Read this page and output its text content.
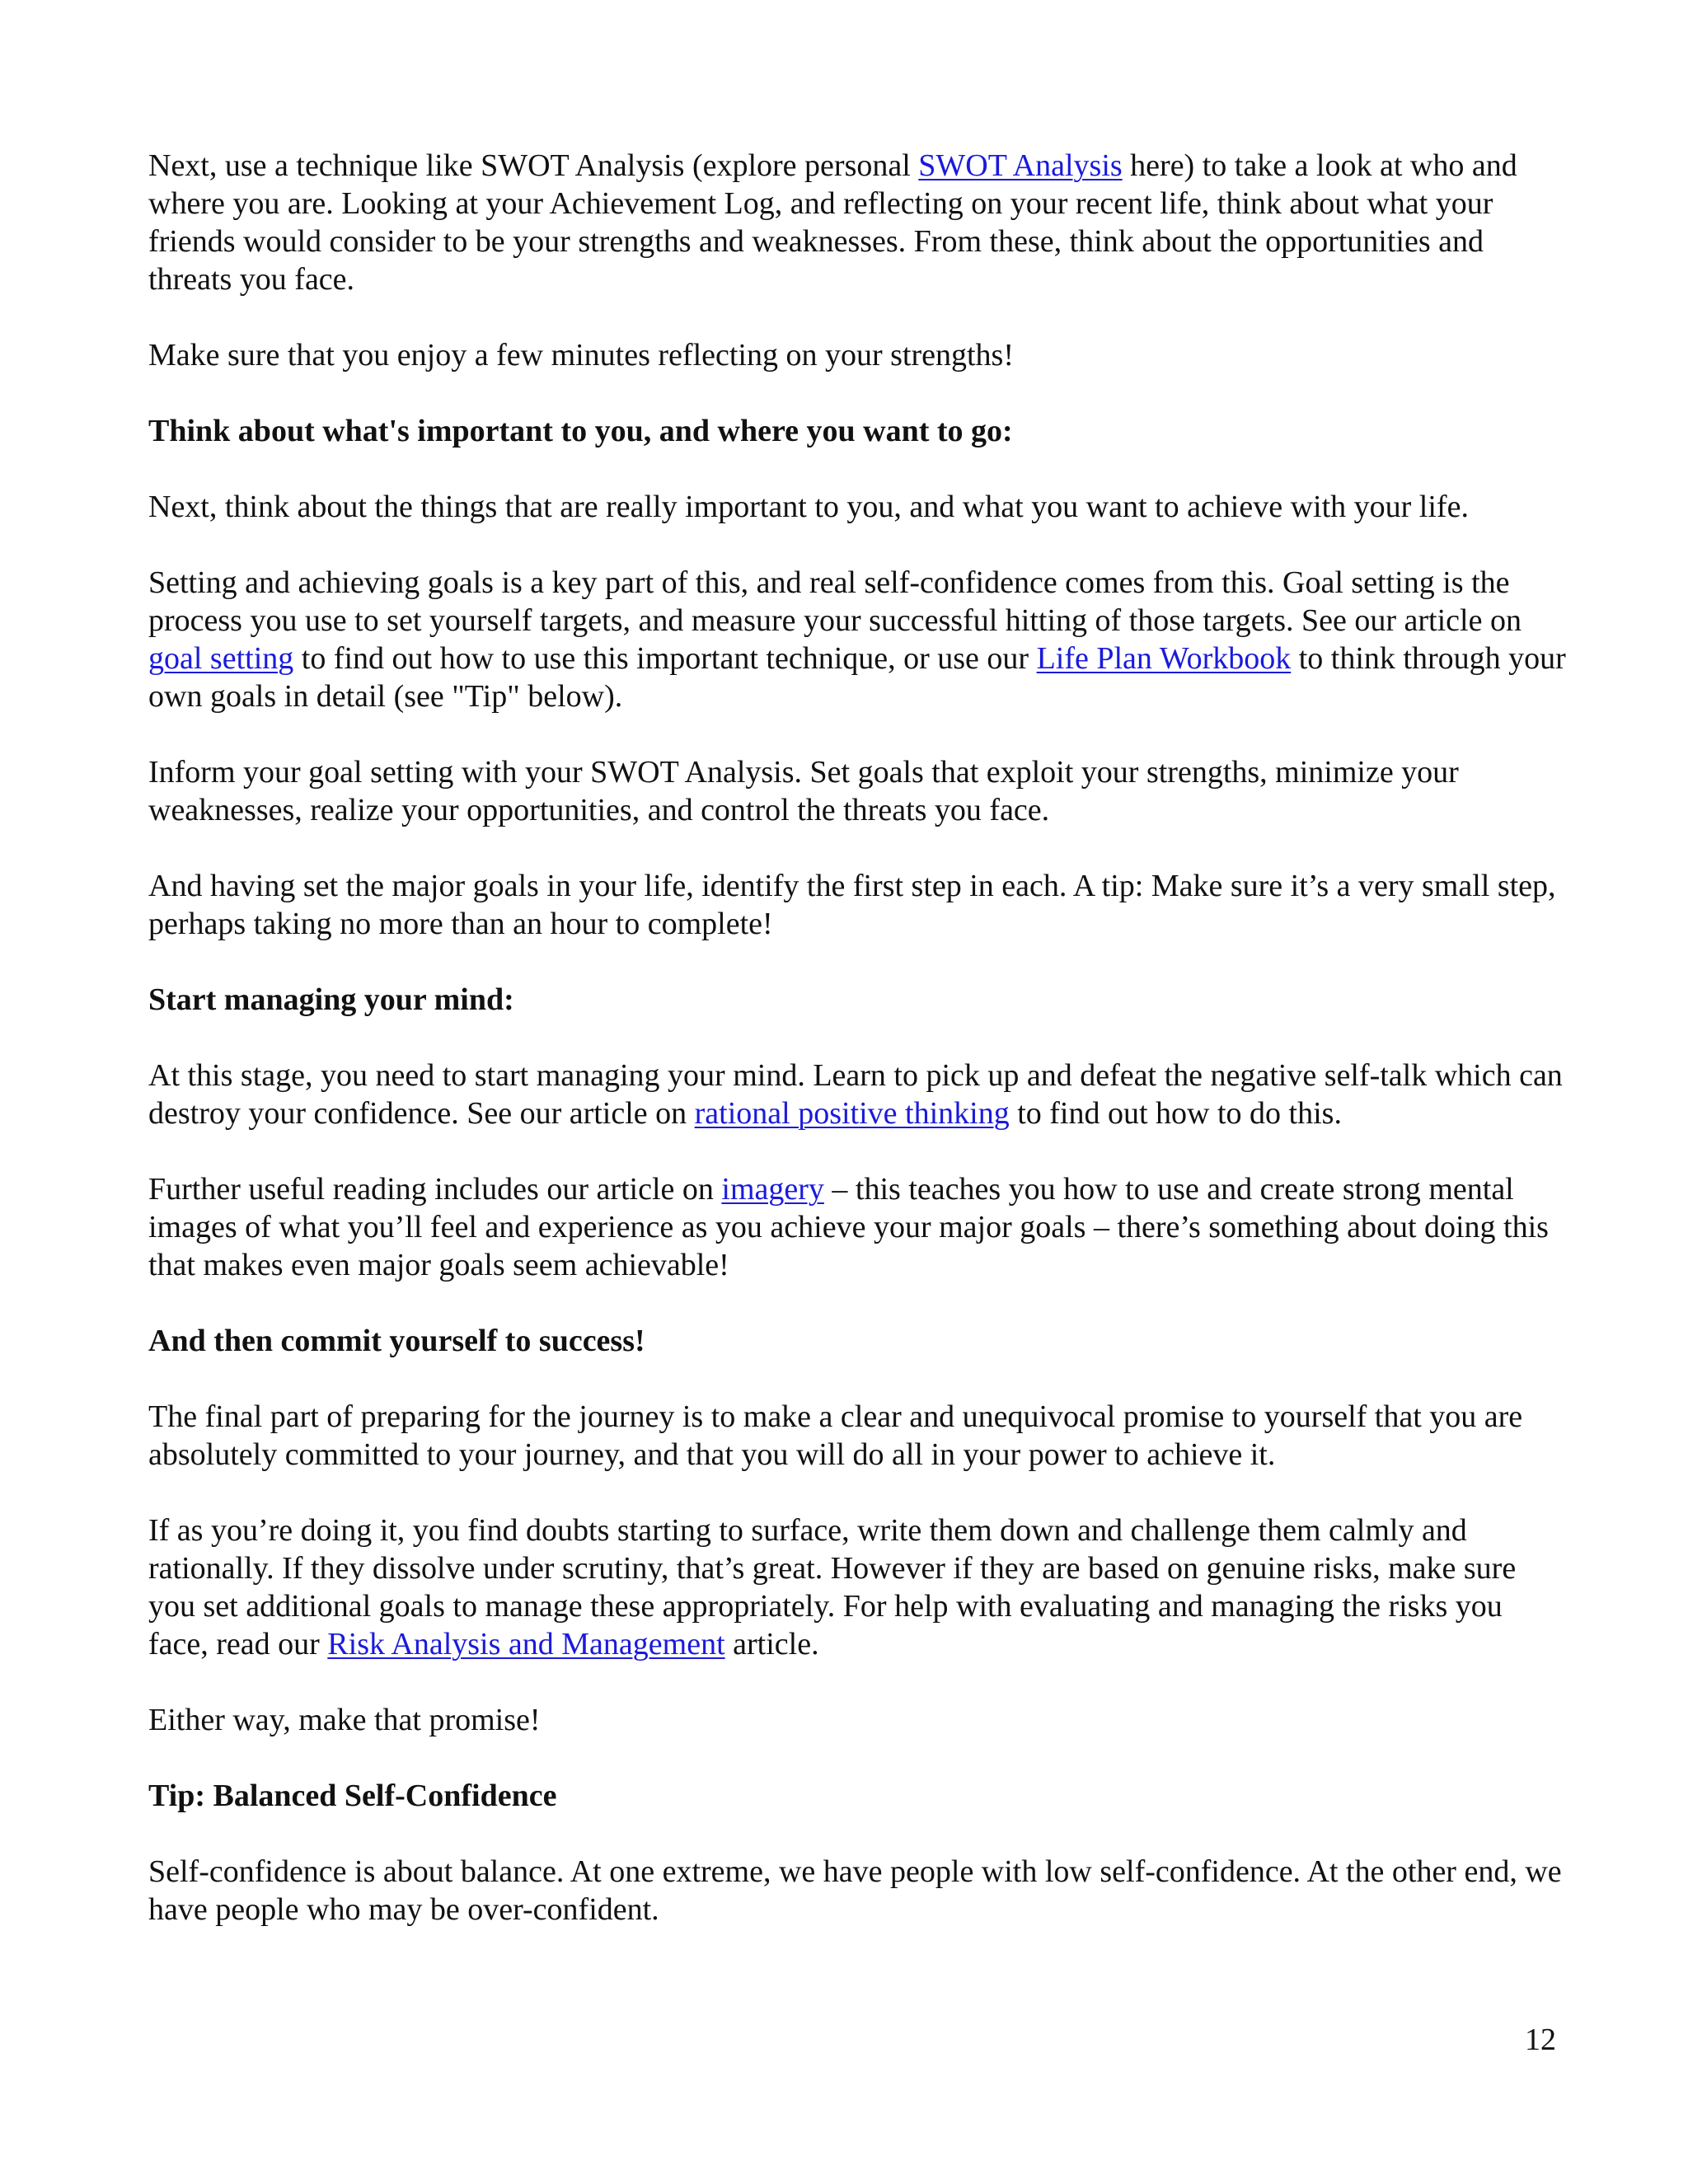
Next, use a technique like SWOT Analysis (explore personal SWOT Analysis here) to take a look at who and where you are. Looking at your Achievement Log, and reflecting on your recent life, think about what your friends would consider to be your strengths and weaknesses. From these, think about the opportunities and threats you face.

Make sure that you enjoy a few minutes reflecting on your strengths!

Think about what's important to you, and where you want to go:

Next, think about the things that are really important to you, and what you want to achieve with your life.

Setting and achieving goals is a key part of this, and real self-confidence comes from this. Goal setting is the process you use to set yourself targets, and measure your successful hitting of those targets. See our article on goal setting to find out how to use this important technique, or use our Life Plan Workbook to think through your own goals in detail (see "Tip" below).

Inform your goal setting with your SWOT Analysis. Set goals that exploit your strengths, minimize your weaknesses, realize your opportunities, and control the threats you face.

And having set the major goals in your life, identify the first step in each. A tip: Make sure it’s a very small step, perhaps taking no more than an hour to complete!

Start managing your mind:

At this stage, you need to start managing your mind. Learn to pick up and defeat the negative self-talk which can destroy your confidence. See our article on rational positive thinking to find out how to do this.

Further useful reading includes our article on imagery – this teaches you how to use and create strong mental images of what you’ll feel and experience as you achieve your major goals – there’s something about doing this that makes even major goals seem achievable!

And then commit yourself to success!

The final part of preparing for the journey is to make a clear and unequivocal promise to yourself that you are absolutely committed to your journey, and that you will do all in your power to achieve it.

If as you’re doing it, you find doubts starting to surface, write them down and challenge them calmly and rationally. If they dissolve under scrutiny, that’s great. However if they are based on genuine risks, make sure you set additional goals to manage these appropriately. For help with evaluating and managing the risks you face, read our Risk Analysis and Management article.

Either way, make that promise!

Tip: Balanced Self-Confidence

Self-confidence is about balance. At one extreme, we have people with low self-confidence. At the other end, we have people who may be over-confident.

12
